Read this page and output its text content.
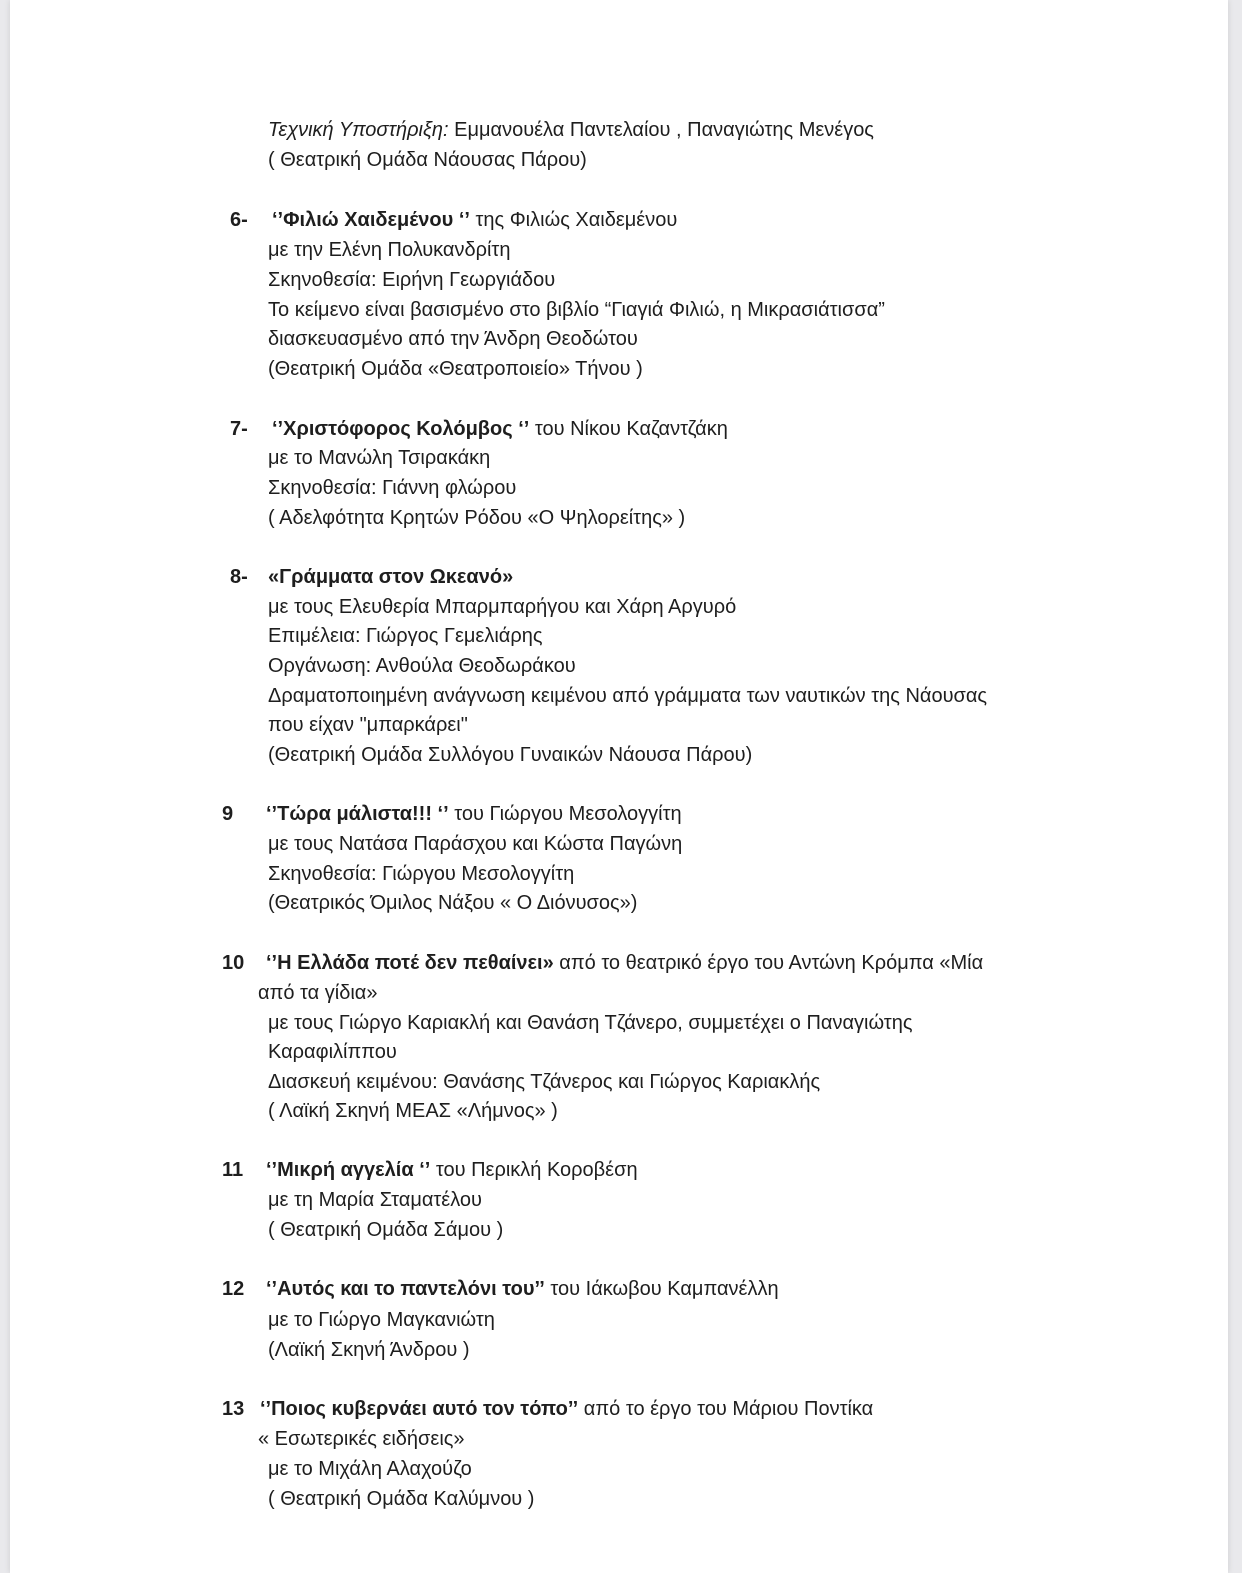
Τεχνική Υποστήριξη: Εμμανουέλα Παντελαίου , Παναγιώτης Μενέγος
( Θεατρική Ομάδα Νάουσας Πάρου)
6- ‘’Φιλιώ Χαιδεμένου ‘’ της Φιλιώς Χαιδεμένου
με την Ελένη Πολυκανδρίτη
Σκηνοθεσία: Ειρήνη Γεωργιάδου
Το κείμενο είναι βασισμένο στο βιβλίο “Γιαγιά Φιλιώ, η Μικρασιάτισσα”
διασκευασμένο από την Άνδρη Θεοδώτου
(Θεατρική Ομάδα «Θεατροποιείο» Τήνου )
7- ‘’Χριστόφορος Κολόμβος ‘’ του Νίκου Καζαντζάκη
με το Μανώλη Τσιρακάκη
Σκηνοθεσία: Γιάννη φλώρου
( Αδελφότητα Κρητών Ρόδου «Ο Ψηλορείτης» )
8- «Γράμματα στον Ωκεανό»
με τους Ελευθερία Μπαρμπαρήγου και Χάρη Αργυρό
Επιμέλεια: Γιώργος Γεμελιάρης
Οργάνωση: Ανθούλα Θεοδωράκου
Δραματοποιημένη ανάγνωση κειμένου από γράμματα των ναυτικών της Νάουσας
που είχαν "μπαρκάρει"
(Θεατρική Ομάδα Συλλόγου Γυναικών Νάουσα Πάρου)
9 ‘’Τώρα μάλιστα!!! ‘’ του Γιώργου Μεσολογγίτη
με τους Νατάσα Παράσχου και Κώστα Παγώνη
Σκηνοθεσία: Γιώργου Μεσολογγίτη
(Θεατρικός Όμιλος Νάξου « Ο Διόνυσος»)
10 ‘’Η Ελλάδα ποτέ δεν πεθαίνει» από το θεατρικό έργο του Αντώνη Κρόμπα «Μία
από τα γίδια»
με τους Γιώργο Καριακλή και Θανάση Τζάνερο, συμμετέχει ο Παναγιώτης
Καραφιλίππου
Διασκευή κειμένου: Θανάσης Τζάνερος και Γιώργος Καριακλής
( Λαϊκή Σκηνή ΜΕΑΣ «Λήμνος» )
11 ‘’Μικρή αγγελία ‘’ του Περικλή Κοροβέση
με τη Μαρία Σταματέλου
( Θεατρική Ομάδα Σάμου )
12 ‘’Αυτός και το παντελόνι του’’ του Ιάκωβου Καμπανέλλη
με το Γιώργο Μαγκανιώτη
(Λαϊκή Σκηνή Άνδρου )
13 ‘’Ποιος κυβερνάει αυτό τον τόπο’’ από το έργο του Μάριου Ποντίκα
« Εσωτερικές ειδήσεις»
με το Μιχάλη Αλαχούζο
( Θεατρική Ομάδα Καλύμνου )
